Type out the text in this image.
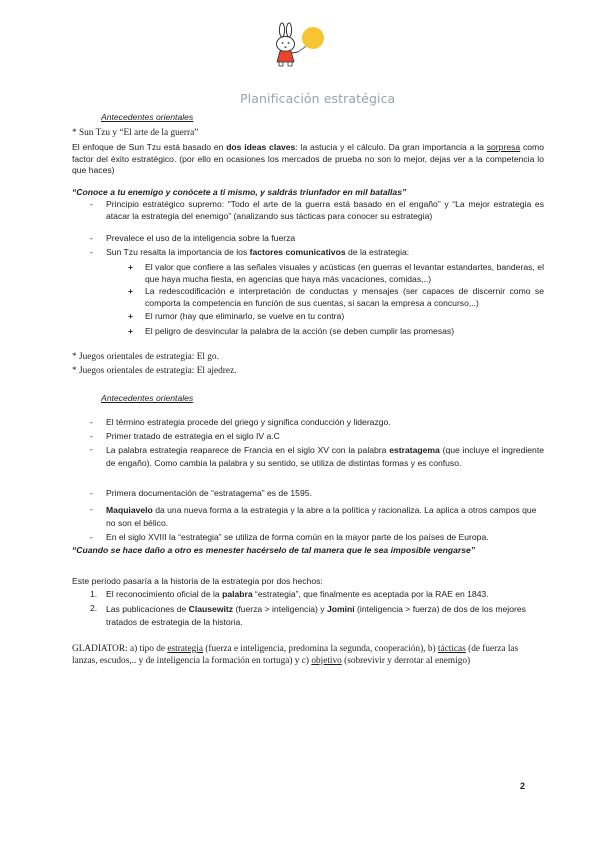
Planificación estratégica
Antecedentes orientales
* Sun Tzu y “El arte de la guerra”

El enfoque de Sun Tzu está basado en dos ideas claves: la astucia y el cálculo. Da gran importancia a la sorpresa como factor del éxito estratégico. (por ello en ocasiones los mercados de prueba no son lo mejor, dejas ver a la competencia lo que haces)

“Conoce a tu enemigo y conócete a ti mismo, y saldrás triunfador en mil batallas”

- Principio estratégico supremo: “Todo el arte de la guerra está basado en el engaño” y “La mejor estrategia es atacar la estrategia del enemigo” (analizando sus tácticas para conocer su estrategia)

- Prevalece el uso de la inteligencia sobre la fuerza

- Sun Tzu resalta la importancia de los factores comunicativos de la estrategia:

+ El valor que confiere a las señales visuales y acústicas (en guerras el levantar estandartes, banderas, el que haya mucha fiesta, en agencias que haya más vacaciones, comidas,..)

+ La redescodificación e interpretación de conductas y mensajes (ser capaces de discernir como se comporta la competencia en función de sus cuentas, si sacan la empresa a concurso,..)

+ El rumor (hay que eliminarlo, se vuelve en tu contra)

+ El peligro de desvincular la palabra de la acción (se deben cumplir las promesas)

* Juegos orientales de estrategia: El go.

* Juegos orientales de estrategia: El ajedrez.

Antecedentes orientales
- El término estrategia procede del griego y significa conducción y liderazgo.

- Primer tratado de estrategia en el siglo IV a.C

- La palabra estrategia reaparece de Francia en el siglo XV con la palabra estratagema (que incluye el ingrediente de engaño). Como cambia la palabra y su sentido, se utiliza de distintas formas y es confuso.

- Primera documentación de “estratagema” es de 1595.

- Maquiavelo da una nueva forma a la estrategia y la abre a la política y racionaliza. La aplica a otros campos que no son el bélico.

- En el siglo XVIII la “estrategia” se utiliza de forma común en la mayor parte de los países de Europa.

“Cuando se hace daño a otro es menester hacérselo de tal manera que le sea imposible vengarse”

Este período pasaría a la historia de la estrategia por dos hechos:

1. El reconocimiento oficial de la palabra “estrategia”, que finalmente es aceptada por la RAE en 1843.

2. Las publicaciones de Clausewitz (fuerza > inteligencia) y Jomini (inteligencia > fuerza) de dos de los mejores tratados de estrategia de la historia.

GLADIATOR: a) tipo de estrategia (fuerza e inteligencia, predomina la segunda, cooperación), b) tácticas (de fuerza las lanzas, escudos,.. y de inteligencia la formación en tortuga) y c) objetivo (sobrevivir y derrotar al enemigo)

2
